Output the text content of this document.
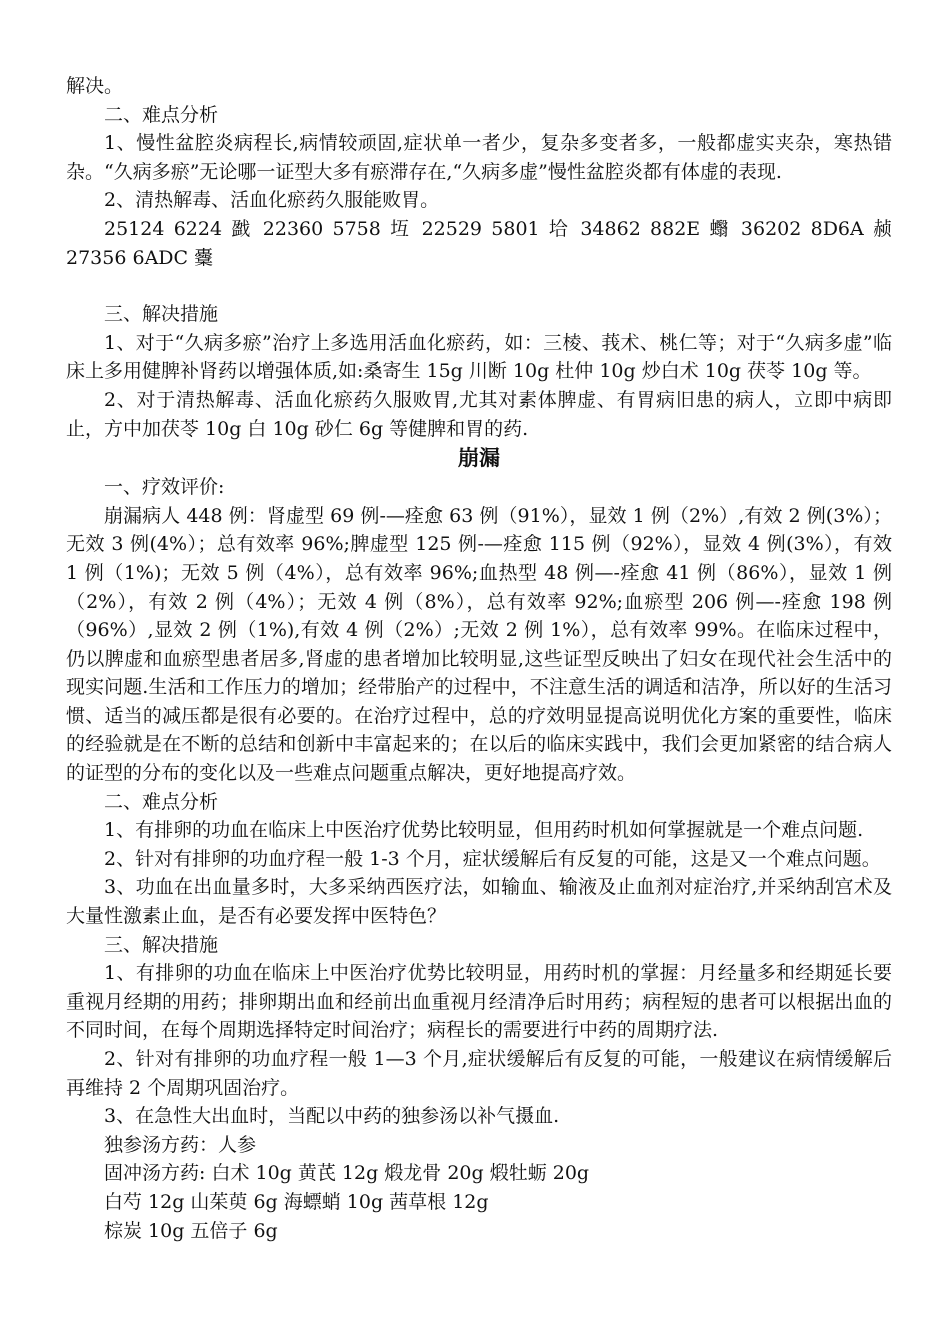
解决。

二、难点分析

1、慢性盆腔炎病程长,病情较顽固,症状单一者少，复杂多变者多，一般都虚实夹杂，寒热错杂。“久病多瘀”无论哪一证型大多有瘀滞存在,“久病多虚”慢性盆腔炎都有体虚的表现.

2、清热解毒、活血化瘀药久服能败胃。

25124 6224 戤 22360 5758 坘 22529 5801 垥 34862 882E 蠮 36202 8D6A 赪 27356 6ADC 櫜

三、解决措施

1、对于“久病多瘀”治疗上多选用活血化瘀药，如：三棱、莪术、桃仁等；对于“久病多虚”临床上多用健脾补肾药以增强体质,如:桑寄生 15g 川断 10g 杜仲 10g 炒白术 10g 茯苓 10g 等。

2、对于清热解毒、活血化瘀药久服败胃,尤其对素体脾虚、有胃病旧患的病人，立即中病即止，方中加茯苓 10g 白 10g 砂仁 6g 等健脾和胃的药.

崩漏

一、疗效评价:

崩漏病人 448 例：肾虚型 69 例-—痊愈 63 例（91%），显效 1 例（2%）,有效 2 例(3%）；无效 3 例(4%）；总有效率 96%;脾虚型 125 例-—痊愈 115 例（92%），显效 4 例(3%），有效 1 例（1%)；无效 5 例（4%），总有效率 96%;血热型 48 例—-痊愈 41 例（86%），显效 1 例（2%），有效 2 例（4%）；无效 4 例（8%），总有效率 92%;血瘀型 206 例—-痊愈 198 例（96%）,显效 2 例（1%),有效 4 例（2%）;无效 2 例 1%），总有效率 99%。在临床过程中，仍以脾虚和血瘀型患者居多,肾虚的患者增加比较明显,这些证型反映出了妇女在现代社会生活中的现实问题.生活和工作压力的增加；经带胎产的过程中，不注意生活的调适和洁净，所以好的生活习惯、适当的减压都是很有必要的。在治疗过程中，总的疗效明显提高说明优化方案的重要性，临床的经验就是在不断的总结和创新中丰富起来的；在以后的临床实践中，我们会更加紧密的结合病人的证型的分布的变化以及一些难点问题重点解决，更好地提高疗效。

二、难点分析

1、有排卵的功血在临床上中医治疗优势比较明显，但用药时机如何掌握就是一个难点问题.

2、针对有排卵的功血疗程一般 1-3 个月，症状缓解后有反复的可能，这是又一个难点问题。

3、功血在出血量多时，大多采纳西医疗法，如输血、输液及止血剂对症治疗,并采纳刮宫术及大量性激素止血，是否有必要发挥中医特色？

三、解决措施

1、有排卵的功血在临床上中医治疗优势比较明显，用药时机的掌握：月经量多和经期延长要重视月经期的用药；排卵期出血和经前出血重视月经清净后时用药；病程短的患者可以根据出血的不同时间，在每个周期选择特定时间治疗；病程长的需要进行中药的周期疗法.

2、针对有排卵的功血疗程一般 1—3 个月,症状缓解后有反复的可能，一般建议在病情缓解后再维持 2 个周期巩固治疗。

3、在急性大出血时，当配以中药的独参汤以补气摄血.

独参汤方药：人参

固冲汤方药: 白术 10g 黄芪 12g 煅龙骨 20g 煅牡蛎 20g

白芍 12g 山茱萸 6g 海螵蛸 10g 茜草根 12g

棕炭 10g 五倍子 6g
